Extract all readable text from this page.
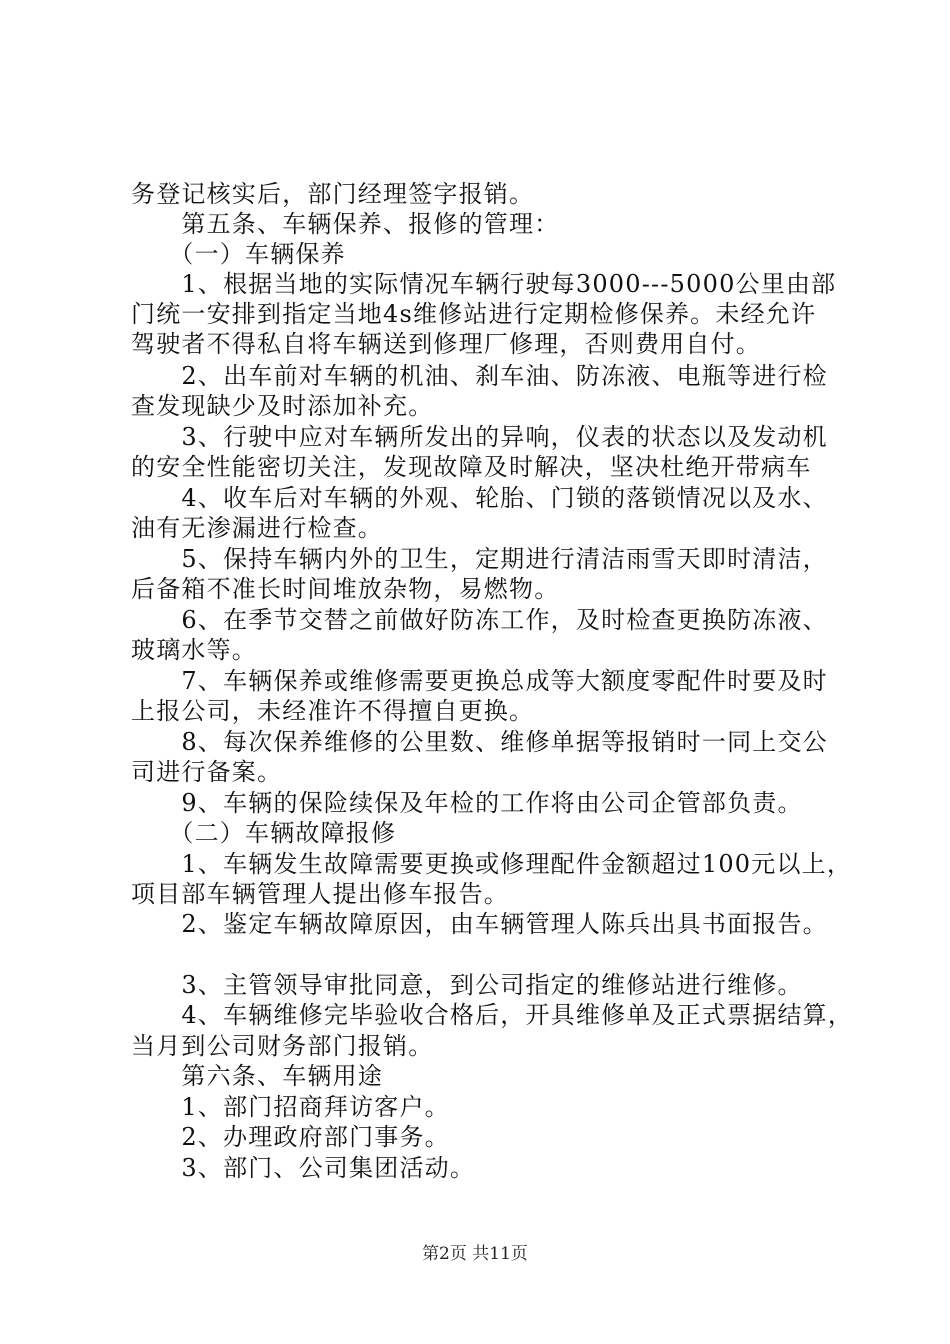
务登记核实后，部门经理签字报销。
　　第五条、车辆保养、报修的管理：
　　（一）车辆保养
　　1、根据当地的实际情况车辆行驶每3000---5000公里由部
门统一安排到指定当地4s维修站进行定期检修保养。未经允许
驾驶者不得私自将车辆送到修理厂修理，否则费用自付。
　　2、出车前对车辆的机油、刹车油、防冻液、电瓶等进行检
查发现缺少及时添加补充。
　　3、行驶中应对车辆所发出的异响，仪表的状态以及发动机
的安全性能密切关注，发现故障及时解决，坚决杜绝开带病车
　　4、收车后对车辆的外观、轮胎、门锁的落锁情况以及水、
油有无渗漏进行检查。
　　5、保持车辆内外的卫生，定期进行清洁雨雪天即时清洁，
后备箱不准长时间堆放杂物，易燃物。
　　6、在季节交替之前做好防冻工作，及时检查更换防冻液、
玻璃水等。
　　7、车辆保养或维修需要更换总成等大额度零配件时要及时
上报公司，未经准许不得擅自更换。
　　8、每次保养维修的公里数、维修单据等报销时一同上交公
司进行备案。
　　9、车辆的保险续保及年检的工作将由公司企管部负责。
　　（二）车辆故障报修
　　1、车辆发生故障需要更换或修理配件金额超过100元以上，
项目部车辆管理人提出修车报告。
　　2、鉴定车辆故障原因，由车辆管理人陈兵出具书面报告。
　　3、主管领导审批同意，到公司指定的维修站进行维修。
　　4、车辆维修完毕验收合格后，开具维修单及正式票据结算，
当月到公司财务部门报销。
　　第六条、车辆用途
　　1、部门招商拜访客户。
　　2、办理政府部门事务。
　　3、部门、公司集团活动。
第2页 共11页
